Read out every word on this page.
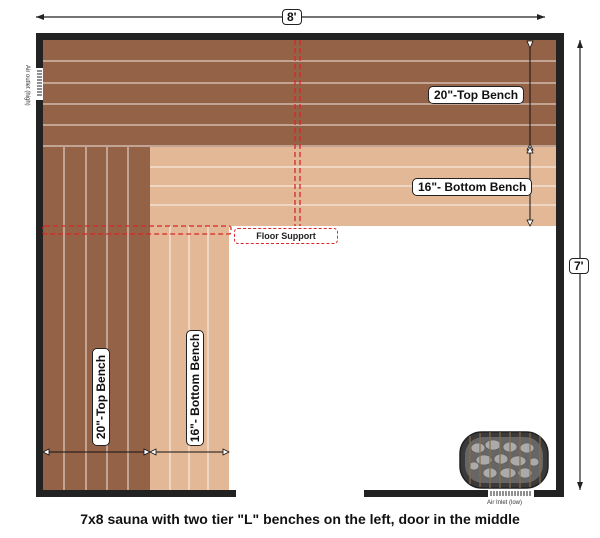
8'
7'
20"-Top Bench
16"- Bottom Bench
20"-Top Bench	16"- Bottom Bench
Floor Support
Air outlet (high)
Air Inlet (low)
7x8 sauna with two tier "L" benches on the left, door in the middle
